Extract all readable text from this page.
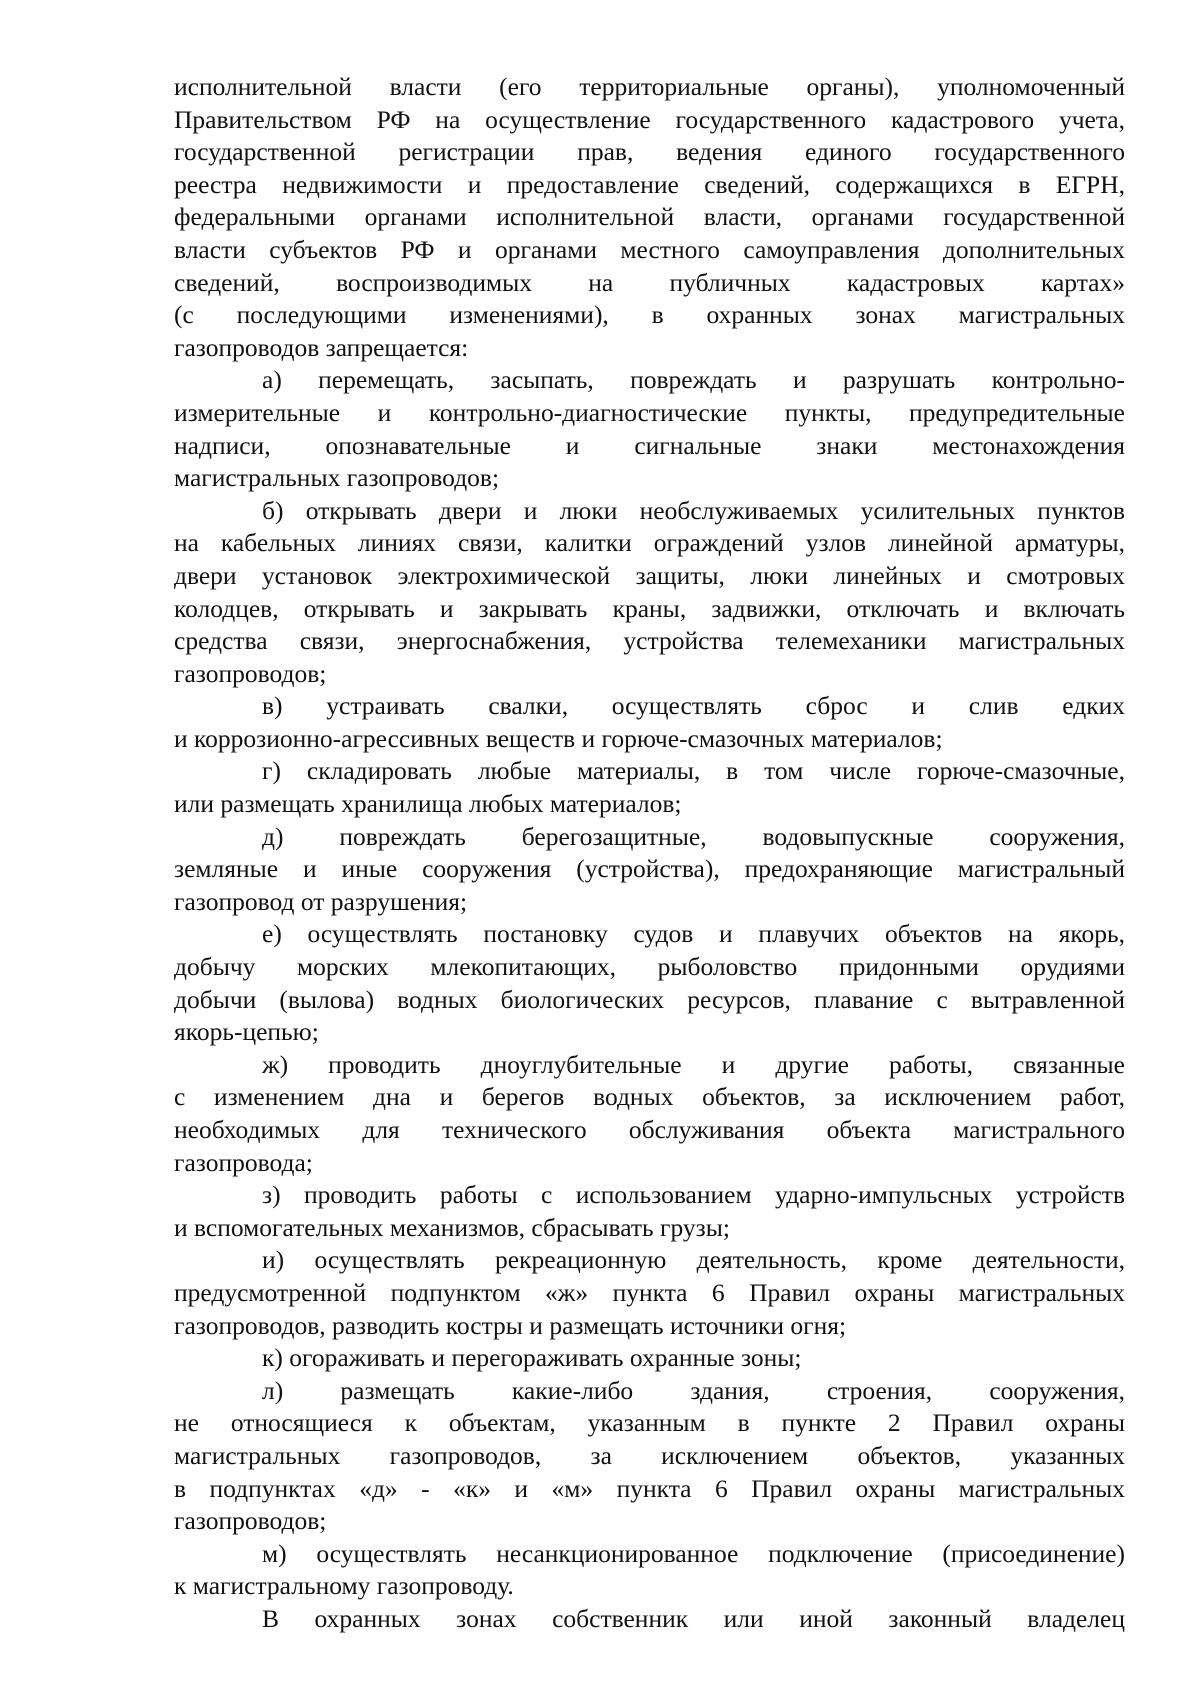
исполнительной власти (его территориальные органы), уполномоченный
Правительством РФ на осуществление государственного кадастрового учета,
государственной регистрации прав, ведения единого государственного
реестра недвижимости и предоставление сведений, содержащихся в ЕГРН,
федеральными органами исполнительной власти, органами государственной
власти субъектов РФ и органами местного самоуправления дополнительных
сведений, воспроизводимых на публичных кадастровых картах»
(с последующими изменениями), в охранных зонах магистральных
газопроводов запрещается:
а) перемещать, засыпать, повреждать и разрушать контрольно-
измерительные и контрольно-диагностические пункты, предупредительные
надписи, опознавательные и сигнальные знаки местонахождения
магистральных газопроводов;
б) открывать двери и люки необслуживаемых усилительных пунктов
на кабельных линиях связи, калитки ограждений узлов линейной арматуры,
двери установок электрохимической защиты, люки линейных и смотровых
колодцев, открывать и закрывать краны, задвижки, отключать и включать
средства связи, энергоснабжения, устройства телемеханики магистральных
газопроводов;
в) устраивать свалки, осуществлять сброс и слив едких
и коррозионно-агрессивных веществ и горюче-смазочных материалов;
г) складировать любые материалы, в том числе горюче-смазочные,
или размещать хранилища любых материалов;
д) повреждать берегозащитные, водовыпускные сооружения,
земляные и иные сооружения (устройства), предохраняющие магистральный
газопровод от разрушения;
е) осуществлять постановку судов и плавучих объектов на якорь,
добычу морских млекопитающих, рыболовство придонными орудиями
добычи (вылова) водных биологических ресурсов, плавание с вытравленной
якорь-цепью;
ж) проводить дноуглубительные и другие работы, связанные
с изменением дна и берегов водных объектов, за исключением работ,
необходимых для технического обслуживания объекта магистрального
газопровода;
з) проводить работы с использованием ударно-импульсных устройств
и вспомогательных механизмов, сбрасывать грузы;
и) осуществлять рекреационную деятельность, кроме деятельности,
предусмотренной подпунктом «ж» пункта 6 Правил охраны магистральных
газопроводов, разводить костры и размещать источники огня;
к) огораживать и перегораживать охранные зоны;
л) размещать какие-либо здания, строения, сооружения,
не относящиеся к объектам, указанным в пункте 2 Правил охраны
магистральных газопроводов, за исключением объектов, указанных
в подпунктах «д» - «к» и «м» пункта 6 Правил охраны магистральных
газопроводов;
м) осуществлять несанкционированное подключение (присоединение)
к магистральному газопроводу.
В охранных зонах собственник или иной законный владелец
